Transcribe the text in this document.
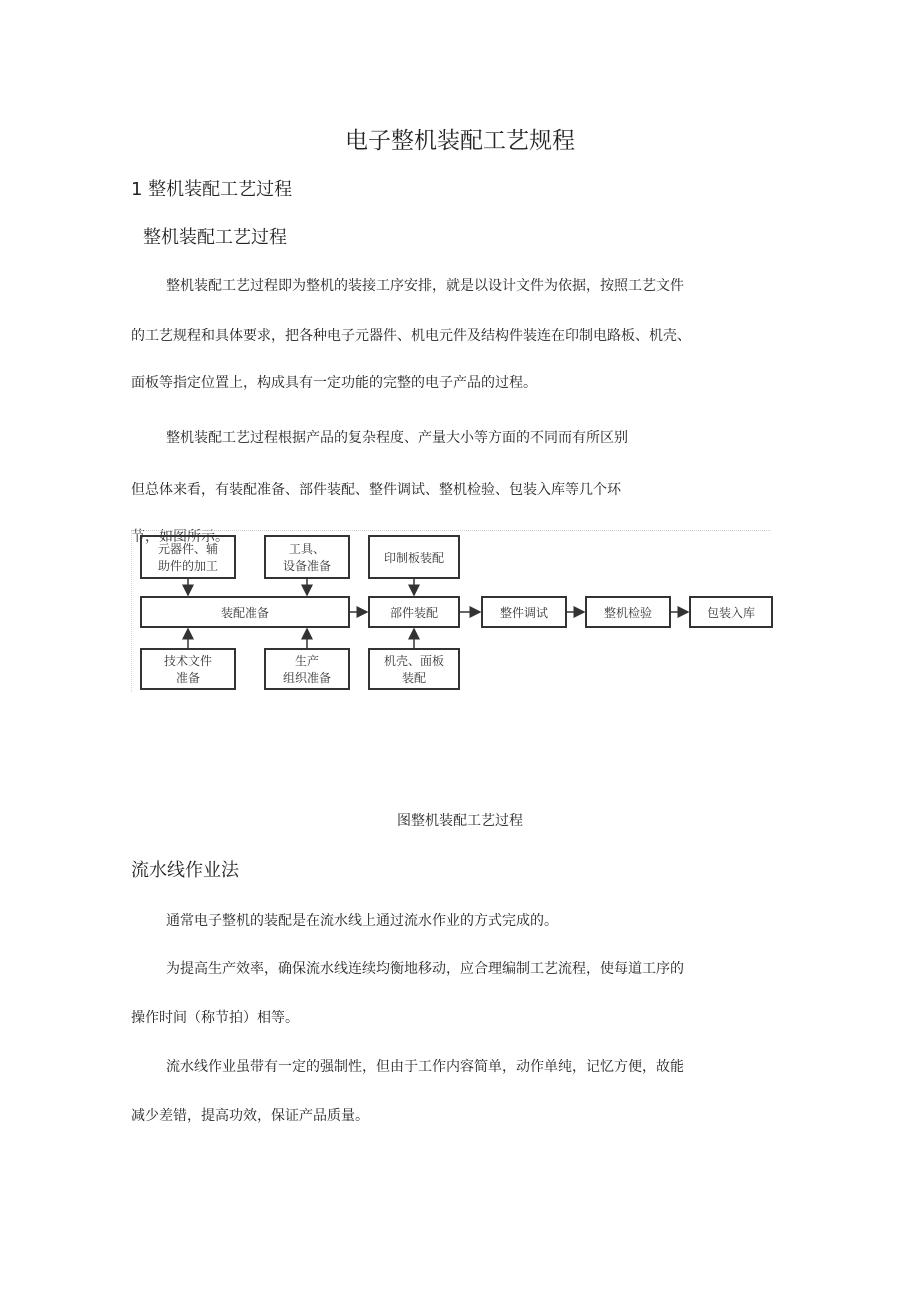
电子整机装配工艺规程
1 整机装配工艺过程
整机装配工艺过程
整机装配工艺过程即为整机的装接工序安排，就是以设计文件为依据，按照工艺文件
的工艺规程和具体要求，把各种电子元器件、机电元件及结构件装连在印制电路板、机壳、
面板等指定位置上，构成具有一定功能的完整的电子产品的过程。
整机装配工艺过程根据产品的复杂程度、产量大小等方面的不同而有所区别
但总体来看，有装配准备、部件装配、整件调试、整机检验、包装入库等几个环
节，如图所示。
元器件、辅
助件的加工
工具、
设备准备
印制板装配
装配准备	部件装配	整件调试	整机检验	包装入库
技术文件
准备
生产
组织准备
机壳、面板
装配
图整机装配工艺过程
流水线作业法
通常电子整机的装配是在流水线上通过流水作业的方式完成的。
为提高生产效率，确保流水线连续均衡地移动，应合理编制工艺流程，使每道工序的
操作时间（称节拍）相等。
流水线作业虽带有一定的强制性，但由于工作内容简单，动作单纯，记忆方便，故能
减少差错，提高功效，保证产品质量。
